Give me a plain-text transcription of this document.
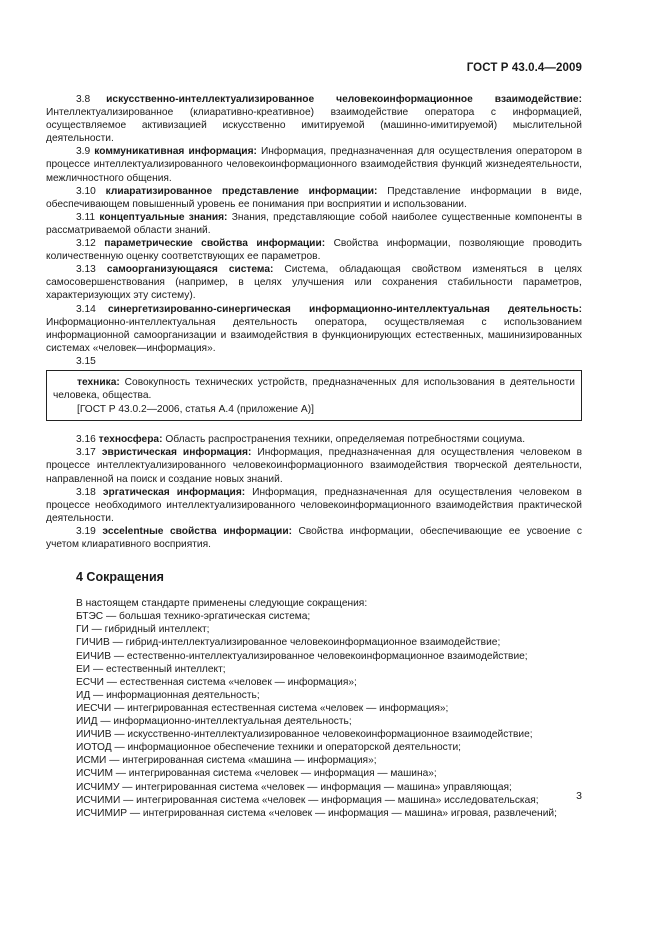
ГОСТ Р 43.0.4—2009

3.8 искусственно-интеллектуализированное человекоинформационное взаимодействие: Интеллектуализированное (клиаративно-креативное) взаимодействие оператора с информацией, осуществляемое активизацией искусственно имитируемой (машинно-имитируемой) мыслительной деятельности.

3.9 коммуникативная информация: Информация, предназначенная для осуществления оператором в процессе интеллектуализированного человекоинформационного взаимодействия функций жизнедеятельности, межличностного общения.

3.10 клиаратизированное представление информации: Представление информации в виде, обеспечивающем повышенный уровень ее понимания при восприятии и использовании.

3.11 концептуальные знания: Знания, представляющие собой наиболее существенные компоненты в рассматриваемой области знаний.

3.12 параметрические свойства информации: Свойства информации, позволяющие проводить количественную оценку соответствующих ее параметров.

3.13 самоорганизующаяся система: Система, обладающая свойством изменяться в целях самосовершенствования (например, в целях улучшения или сохранения стабильности параметров, характеризующих эту систему).

3.14 синергетизированно-синергическая информационно-интеллектуальная деятельность: Информационно-интеллектуальная деятельность оператора, осуществляемая с использованием информационной самоорганизации и взаимодействия в функционирующих естественных, машинизированных системах «человек—информация».

3.15

техника: Совокупность технических устройств, предназначенных для использования в деятельности человека, общества.

[ГОСТ Р 43.0.2—2006, статья А.4 (приложение А)]

3.16 техносфера: Область распространения техники, определяемая потребностями социума.

3.17 эвристическая информация: Информация, предназначенная для осуществления человеком в процессе интеллектуализированного человекоинформационного взаимодействия творческой деятельности, направленной на поиск и создание новых знаний.

3.18 эргатическая информация: Информация, предназначенная для осуществления человеком в процессе необходимого интеллектуализированного человекоинформационного взаимодействия практической деятельности.

3.19 эссelentные свойства информации: Свойства информации, обеспечивающие ее усвоение с учетом клиаративного восприятия.

4 Сокращения

В настоящем стандарте применены следующие сокращения:

БТЭС — большая технико-эргатическая система;

ГИ — гибридный интеллект;

ГИЧИВ — гибрид-интеллектуализированное человекоинформационное взаимодействие;

ЕИЧИВ — естественно-интеллектуализированное человекоинформационное взаимодействие;

ЕИ — естественный интеллект;

ЕСЧИ — естественная система «человек — информация»;

ИД — информационная деятельность;

ИЕСЧИ — интегрированная естественная система «человек — информация»;

ИИД — информационно-интеллектуальная деятельность;

ИИЧИВ — искусственно-интеллектуализированное человекоинформационное взаимодействие;

ИОТОД — информационное обеспечение техники и операторской деятельности;

ИСМИ — интегрированная система «машина — информация»;

ИСЧИМ — интегрированная система «человек — информация — машина»;

ИСЧИМУ — интегрированная система «человек — информация — машина» управляющая;

ИСЧИМИ — интегрированная система «человек — информация — машина» исследовательская;

ИСЧИМИР — интегрированная система «человек — информация — машина» игровая, развлечений;

3
